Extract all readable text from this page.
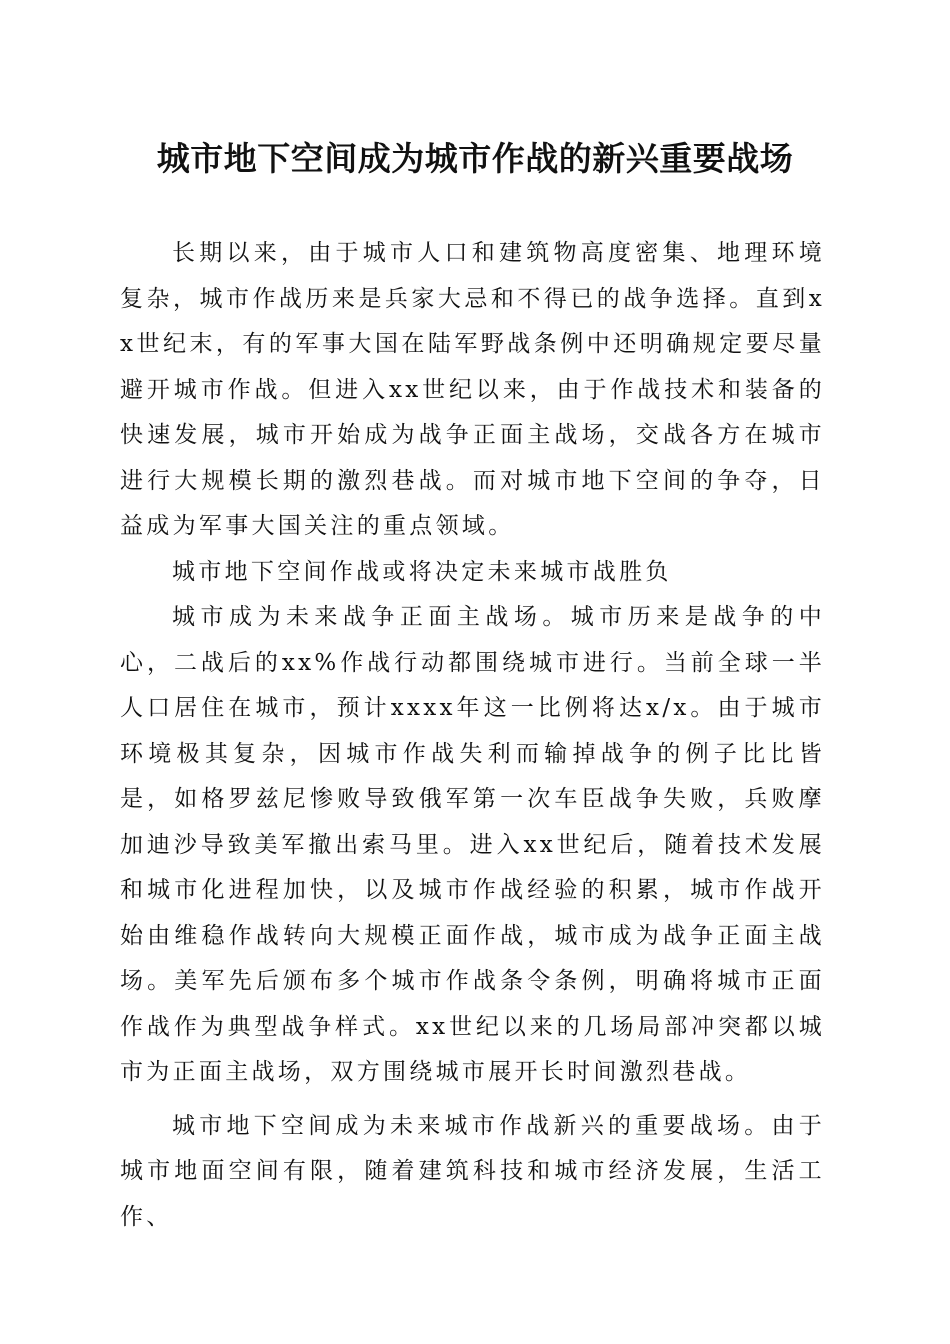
城市地下空间成为城市作战的新兴重要战场

长期以来，由于城市人口和建筑物高度密集、地理环境复杂，城市作战历来是兵家大忌和不得已的战争选择。直到xx世纪末，有的军事大国在陆军野战条例中还明确规定要尽量避开城市作战。但进入xx世纪以来，由于作战技术和装备的快速发展，城市开始成为战争正面主战场，交战各方在城市进行大规模长期的激烈巷战。而对城市地下空间的争夺，日益成为军事大国关注的重点领域。

城市地下空间作战或将决定未来城市战胜负

城市成为未来战争正面主战场。城市历来是战争的中心，二战后的xx%作战行动都围绕城市进行。当前全球一半人口居住在城市，预计xxxx年这一比例将达x/x。由于城市环境极其复杂，因城市作战失利而输掉战争的例子比比皆是，如格罗兹尼惨败导致俄军第一次车臣战争失败，兵败摩加迪沙导致美军撤出索马里。进入xx世纪后，随着技术发展和城市化进程加快，以及城市作战经验的积累，城市作战开始由维稳作战转向大规模正面作战，城市成为战争正面主战场。美军先后颁布多个城市作战条令条例，明确将城市正面作战作为典型战争样式。xx世纪以来的几场局部冲突都以城市为正面主战场，双方围绕城市展开长时间激烈巷战。

城市地下空间成为未来城市作战新兴的重要战场。由于城市地面空间有限，随着建筑科技和城市经济发展，生活工作、
